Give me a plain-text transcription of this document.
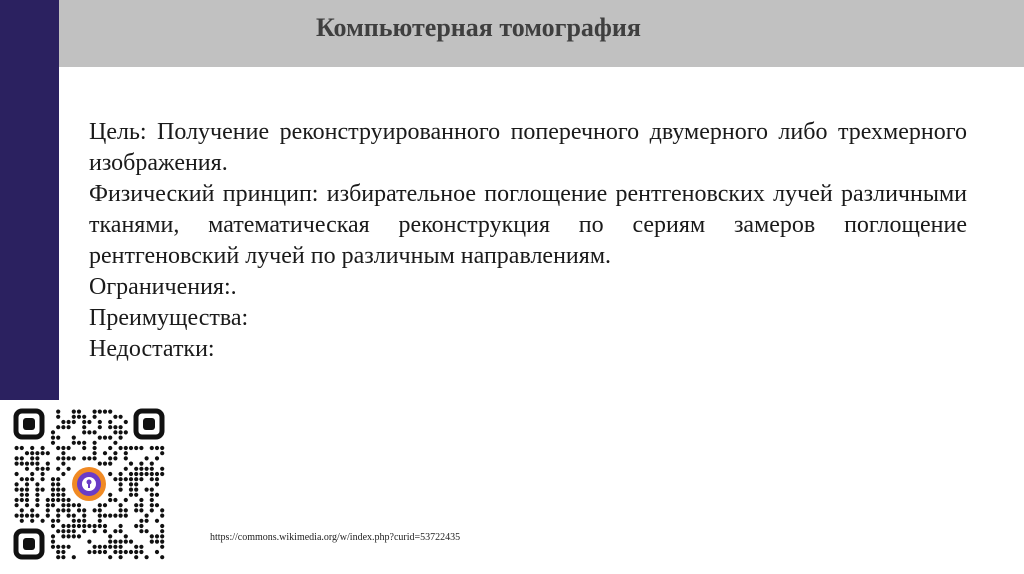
Компьютерная томография

Цель: Получение реконструированного поперечного двумерного либо трехмерного изображения.

Физический принцип: избирательное поглощение рентгеновских лучей различными тканями, математическая реконструкция по сериям замеров поглощение рентгеновский лучей по различным направлениям.

Ограничения:.

Преимущества:

Недостатки:

https://commons.wikimedia.org/w/index.php?curid=53722435
